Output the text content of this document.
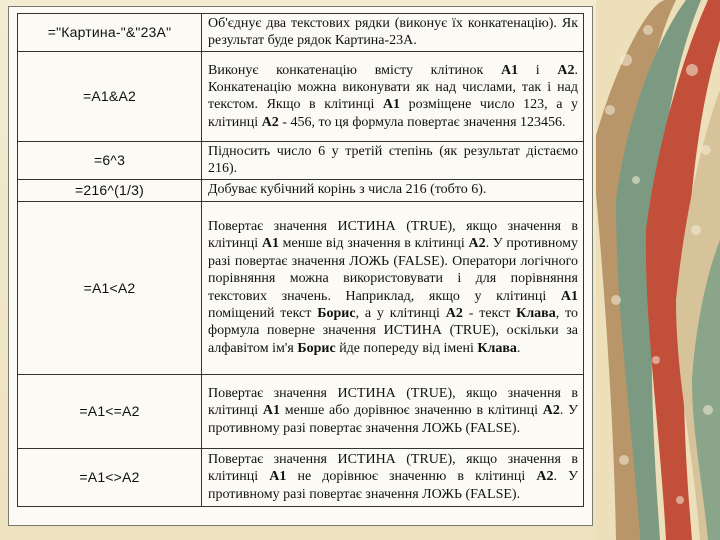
="Картина-"&"23А"	Об'єднує два текстових рядки (виконує їх конкатенацію). Як результат буде рядок Картина-23А.
=A1&A2	Виконує конкатенацію вмісту клітинок А1 і А2. Конкатенацію можна виконувати як над числами, так і над текстом. Якщо в клітинці А1 розміщене число 123, а у клітинці А2 - 456, то ця формула повертає значення 123456.
=6^3	Підносить число 6 у третій степінь (як результат дістаємо 216).
=216^(1/3)	Добуває кубічний корінь з числа 216 (тобто 6).
=A1<A2	Повертає значення ИСТИНА (TRUE), якщо значення в клітинці А1 менше від значення в клітинці А2. У противному разі повертає значення ЛОЖЬ (FALSE). Оператори логічного порівняння можна використовувати і для порівняння текстових значень. Наприклад, якщо у клітинці А1 поміщений текст Борис, а у клітинці А2 - текст Клава, то формула поверне значення ИСТИНА (TRUE), оскільки за алфавітом ім'я Борис йде попереду від імені Клава.
=A1<=A2	Повертає значення ИСТИНА (TRUE), якщо значення в клітинці А1 менше або дорівнює значенню в клітинці А2. У противному разі повертає значення ЛОЖЬ (FALSE).
=A1<>A2	Повертає значення ИСТИНА (TRUE), якщо значення в клітинці А1 не дорівнює значенню в клітинці А2. У противному разі повертає значення ЛОЖЬ (FALSE).
